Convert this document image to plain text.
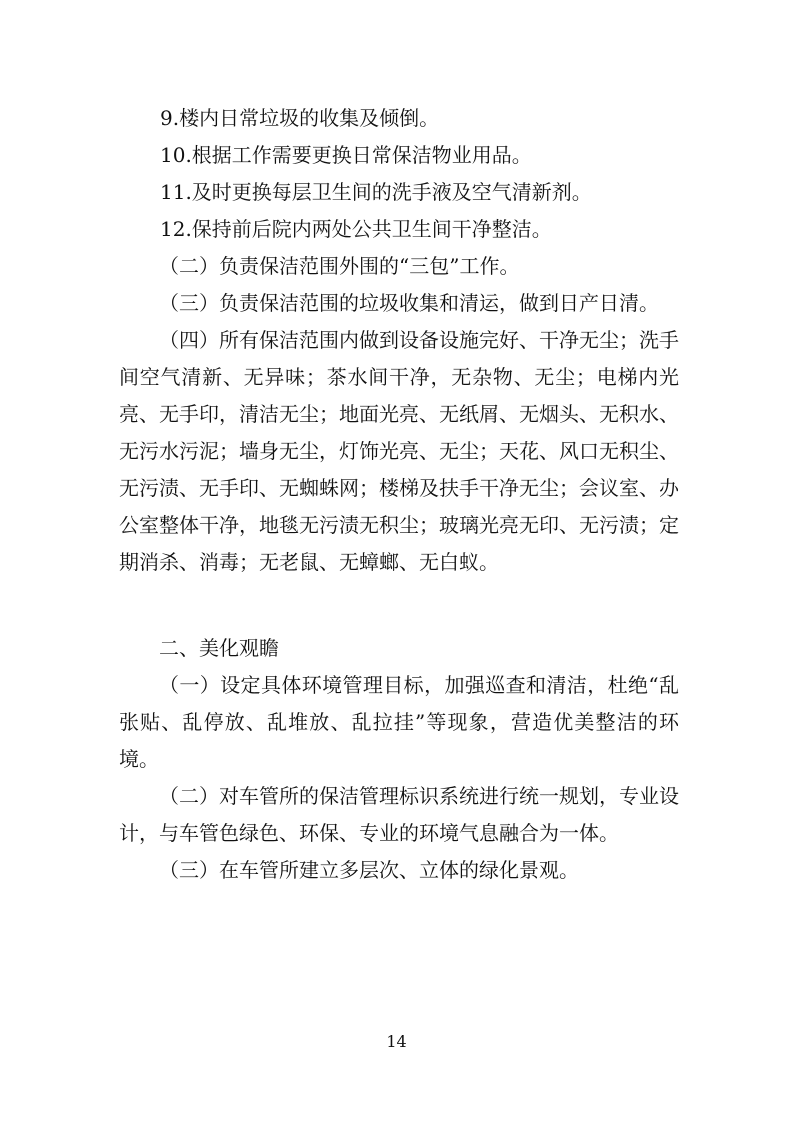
9.楼内日常垃圾的收集及倾倒。
10.根据工作需要更换日常保洁物业用品。
11.及时更换每层卫生间的洗手液及空气清新剂。
12.保持前后院内两处公共卫生间干净整洁。

（二）负责保洁范围外围的“三包”工作。

（三）负责保洁范围的垃圾收集和清运，做到日产日清。

（四）所有保洁范围内做到设备设施完好、干净无尘；洗手间空气清新、无异味；茶水间干净，无杂物、无尘；电梯内光亮、无手印，清洁无尘；地面光亮、无纸屑、无烟头、无积水、无污水污泥；墙身无尘，灯饰光亮、无尘；天花、风口无积尘、无污渍、无手印、无蜘蛛网；楼梯及扶手干净无尘；会议室、办公室整体干净，地毯无污渍无积尘；玻璃光亮无印、无污渍；定期消杀、消毒；无老鼠、无蟑螂、无白蚁。

二、美化观瞻

（一）设定具体环境管理目标，加强巡查和清洁，杜绝“乱张贴、乱停放、乱堆放、乱拉挂”等现象，营造优美整洁的环境。

（二）对车管所的保洁管理标识系统进行统一规划，专业设计，与车管色绿色、环保、专业的环境气息融合为一体。

（三）在车管所建立多层次、立体的绿化景观。

14
